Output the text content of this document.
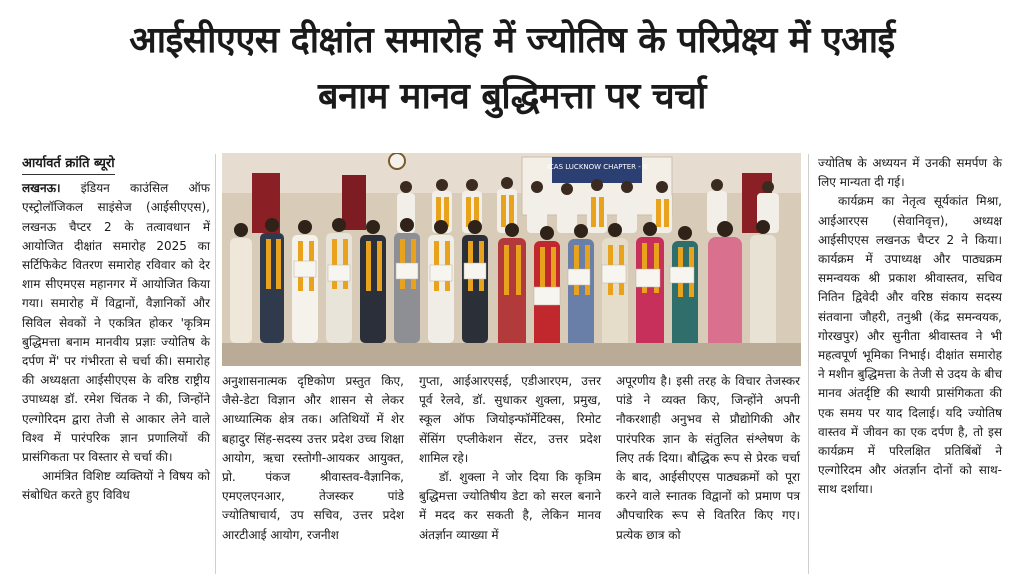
आईसीएएस दीक्षांत समारोह में ज्योतिष के परिप्रेक्ष्य में एआई
बनाम मानव बुद्धिमत्ता पर चर्चा
आर्यावर्त क्रांति ब्यूरो

लखनऊ। इंडियन काउंसिल ऑफ एस्ट्रोलॉजिकल साइंसेज (आईसीएएस), लखनऊ चैप्टर 2 के तत्वावधान में आयोजित दीक्षांत समारोह 2025 का सर्टिफिकेट वितरण समारोह रविवार को देर शाम सीएमएस महानगर में आयोजित किया गया। समारोह में विद्वानों, वैज्ञानिकों और सिविल सेवकों ने एकत्रित होकर 'कृत्रिम बुद्धिमत्ता बनाम मानवीय प्रज्ञाः ज्योतिष के दर्पण में' पर गंभीरता से चर्चा की। समारोह की अध्यक्षता आईसीएएस के वरिष्ठ राष्ट्रीय उपाध्यक्ष डॉ. रमेश चिंतक ने की, जिन्होंने एल्गोरिदम द्वारा तेजी से आकार लेने वाले विश्व में पारंपरिक ज्ञान प्रणालियों की प्रासंगिकता पर विस्तार से चर्चा की।

आमंत्रित विशिष्ट व्यक्तियों ने विषय को संबोधित करते हुए विविध

ICAS LUCKNOW CHAPTER - II

अनुशासनात्मक दृष्टिकोण प्रस्तुत किए, जैसे-डेटा विज्ञान और शासन से लेकर आध्यात्मिक क्षेत्र तक। अतिथियों में शेर बहादुर सिंह-सदस्य उत्तर प्रदेश उच्च शिक्षा आयोग, ऋचा रस्तोगी-आयकर आयुक्त, प्रो. पंकज श्रीवास्तव-वैज्ञानिक, एमएलएनआर, तेजस्कर पांडे ज्योतिषाचार्य, उप सचिव, उत्तर प्रदेश आरटीआई आयोग, रजनीश

गुप्ता, आईआरएसई, एडीआरएम, उत्तर पूर्व रेलवे, डॉ. सुधाकर शुक्ला, प्रमुख, स्कूल ऑफ जियोइन्फॉर्मेटिक्स, रिमोट सेंसिंग एप्लीकेशन सेंटर, उत्तर प्रदेश शामिल रहे।

डॉ. शुक्ला ने जोर दिया कि कृत्रिम बुद्धिमत्ता ज्योतिषीय डेटा को सरल बनाने में मदद कर सकती है, लेकिन मानव अंतर्ज्ञान व्याख्या में

अपूरणीय है। इसी तरह के विचार तेजस्कर पांडे ने व्यक्त किए, जिन्होंने अपनी नौकरशाही अनुभव से प्रौद्योगिकी और पारंपरिक ज्ञान के संतुलित संश्लेषण के लिए तर्क दिया। बौद्धिक रूप से प्रेरक चर्चा के बाद, आईसीएएस पाठ्यक्रमों को पूरा करने वाले स्नातक विद्वानों को प्रमाण पत्र औपचारिक रूप से वितरित किए गए। प्रत्येक छात्र को

ज्योतिष के अध्ययन में उनकी समर्पण के लिए मान्यता दी गई।

कार्यक्रम का नेतृत्व सूर्यकांत मिश्रा, आईआरएस (सेवानिवृत्त), अध्यक्ष आईसीएएस लखनऊ चैप्टर 2 ने किया। कार्यक्रम में उपाध्यक्ष और पाठ्यक्रम समन्वयक श्री प्रकाश श्रीवास्तव, सचिव नितिन द्विवेदी और वरिष्ठ संकाय सदस्य संतवाना जौहरी, तनुश्री (केंद्र समन्वयक, गोरखपुर) और सुनीता श्रीवास्तव ने भी महत्वपूर्ण भूमिका निभाई। दीक्षांत समारोह ने मशीन बुद्धिमत्ता के तेजी से उदय के बीच मानव अंतर्दृष्टि की स्थायी प्रासंगिकता की एक समय पर याद दिलाई। यदि ज्योतिष वास्तव में जीवन का एक दर्पण है, तो इस कार्यक्रम में परिलक्षित प्रतिबिंबों ने एल्गोरिदम और अंतर्ज्ञान दोनों को साथ-साथ दर्शाया।
